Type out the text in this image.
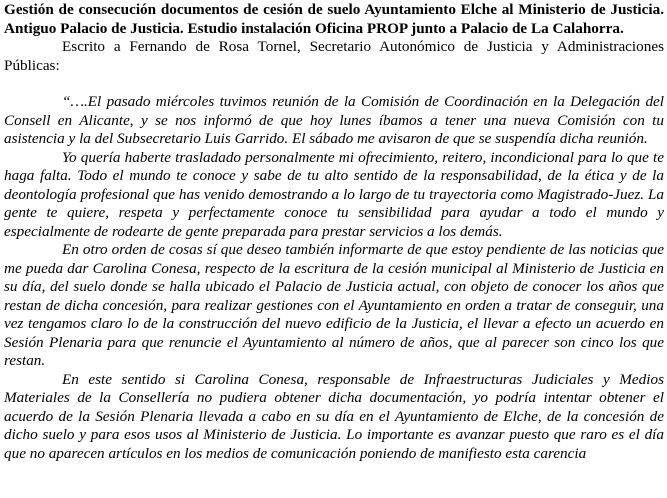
Gestión de consecución documentos de cesión de suelo Ayuntamiento Elche al Ministerio de Justicia. Antiguo Palacio de Justicia. Estudio instalación Oficina PROP junto a Palacio de La Calahorra.

Escrito a Fernando de Rosa Tornel, Secretario Autonómico de Justicia y Administraciones Públicas:

“….El pasado miércoles tuvimos reunión de la Comisión de Coordinación en la Delegación del Consell en Alicante, y se nos informó de que hoy lunes íbamos a tener una nueva Comisión con tu asistencia y la del Subsecretario Luis Garrido. El sábado me avisaron de que se suspendía dicha reunión.

Yo quería haberte trasladado personalmente mi ofrecimiento, reitero, incondicional para lo que te haga falta. Todo el mundo te conoce y sabe de tu alto sentido de la responsabilidad, de la ética y de la deontología profesional que has venido demostrando a lo largo de tu trayectoria como Magistrado-Juez. La gente te quiere, respeta y perfectamente conoce tu sensibilidad para ayudar a todo el mundo y especialmente de rodearte de gente preparada para prestar servicios a los demás.

En otro orden de cosas sí que deseo también informarte de que estoy pendiente de las noticias que me pueda dar Carolina Conesa, respecto de la escritura de la cesión municipal al Ministerio de Justicia en su día, del suelo donde se halla ubicado el Palacio de Justicia actual, con objeto de conocer los años que restan de dicha concesión, para realizar gestiones con el Ayuntamiento en orden a tratar de conseguir, una vez tengamos claro lo de la construcción del nuevo edificio de la Justicia, el llevar a efecto un acuerdo en Sesión Plenaria para que renuncie el Ayuntamiento al número de años, que al parecer son cinco los que restan.

En este sentido si Carolina Conesa, responsable de Infraestructuras Judiciales y Medios Materiales de la Consellería no pudiera obtener dicha documentación, yo podría intentar obtener el acuerdo de la Sesión Plenaria llevada a cabo en su día en el Ayuntamiento de Elche, de la concesión de dicho suelo y para esos usos al Ministerio de Justicia. Lo importante es avanzar puesto que raro es el día que no aparecen artículos en los medios de comunicación poniendo de manifiesto esta carencia
